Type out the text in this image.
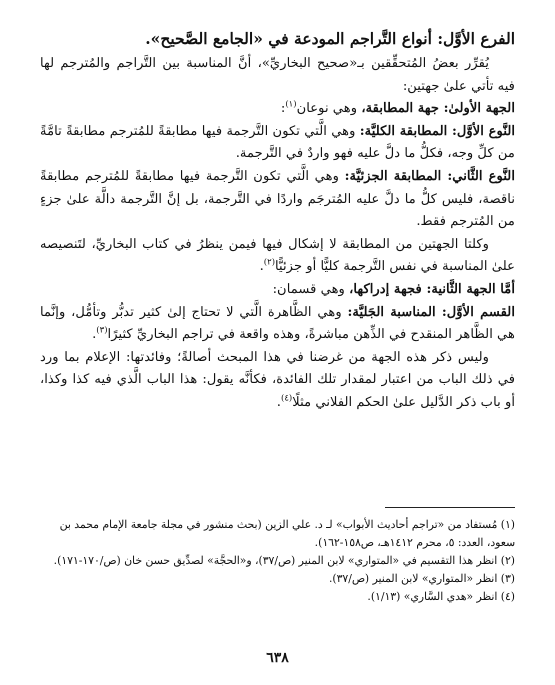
الفرع الأوَّل: أنواع التَّراجم المودعة في «الجامع الصَّحيح».

يُقرِّر بعضُ المُتحقِّقين بـ«صحيح البخاريِّ»، أنَّ المناسبة بين التَّراجم والمُترجم لها فيه تأتي علىٰ جهتين:

الجهة الأولىٰ: جهة المطابقة، وهي نوعان$^{(١)}$:

النَّوع الأوَّل: المطابقة الكليَّة: وهي الَّتي تكون التَّرجمة فيها مطابقةً للمُترجم مطابقةً تامَّةً من كلِّ وجه، فكلُّ ما دلَّ عليه فهو واردٌ في التَّرجمة.

النَّوع الثَّاني: المطابقة الجزئيَّة: وهي الَّتي تكون التَّرجمة فيها مطابقةً للمُترجم مطابقةً ناقصة، فليس كلُّ ما دلَّ عليه المُترجَم واردًا في التَّرجمة، بل إنَّ التَّرجمة دالَّة علىٰ جزءٍ من المُترجم فقط.

وكلتا الجهتين من المطابقة لا إشكال فيها فيمن ينظرُ في كتاب البخاريِّ، لتَنصيصه علىٰ المناسبة في نفس التَّرجمة كليًّا أو جزئيًّا$^{(٢)}$.

أمَّا الجهة الثَّانية: فجهة إدراكها، وهي قسمان:

القسم الأوَّل: المناسبة الجَليَّة: وهي الظَّاهرة الَّتي لا تحتاج إلىٰ كثير تدبُّر وتأمُّل، وإنَّما هي الظَّاهر المنقدح في الذِّهن مباشرةً، وهذه واقعة في تراجم البخاريِّ كثيرًا$^{(٣)}$.

وليس ذكر هذه الجهة من غرضنا في هذا المبحث أصالةً؛ وفائدتها: الإعلام بما ورد في ذلك الباب من اعتبار لمقدار تلك الفائدة، فكأنَّه يقول: هذا الباب الَّذي فيه كذا وكذا، أو باب ذكر الدَّليل علىٰ الحكم الفلاني مثلًا$^{(٤)}$.

(١) مُستفاد من «تراجم أحاديث الأبواب» لـ د. علي الزين (بحث منشور في مجلة جامعة الإمام محمد بن سعود، العدد: ٥، محرم ١٤١٢هـ، ص١٥٨-١٦٢).

(٢) انظر هذا التقسيم في «المتواري» لابن المنير (ص/٣٧)، و«الحجَّة» لصدِّيق حسن خان (ص/١٧٠-١٧١).

(٣) انظر «المتواري» لابن المنير (ص/٣٧).

(٤) انظر «هدي السَّاري» (١/١٣).

٦٣٨
